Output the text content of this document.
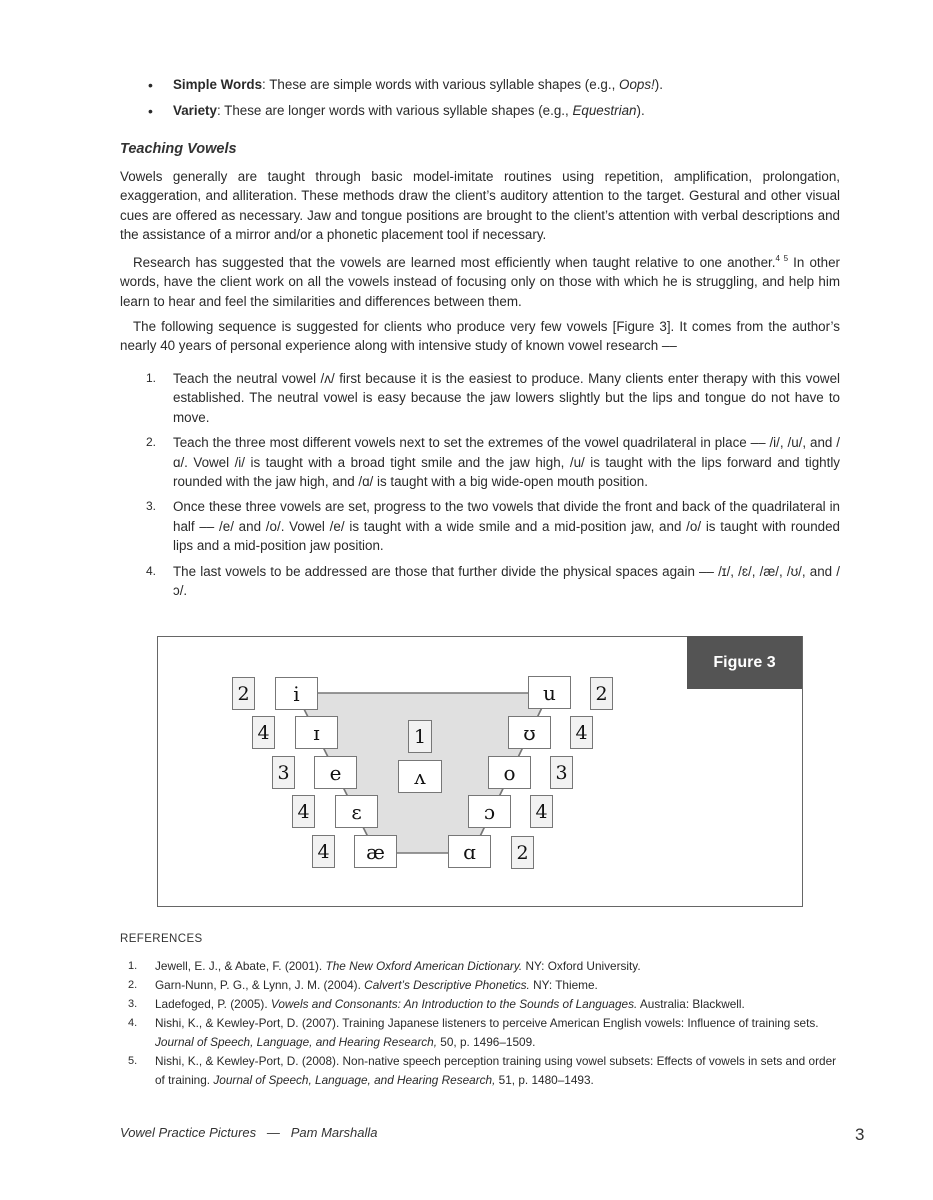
• Simple Words: These are simple words with various syllable shapes (e.g., Oops!).
• Variety: These are longer words with various syllable shapes (e.g., Equestrian).
Teaching Vowels
Vowels generally are taught through basic model-imitate routines using repetition, amplification, prolongation, exaggeration, and alliteration. These methods draw the client’s auditory attention to the target. Gestural and other visual cues are offered as necessary. Jaw and tongue positions are brought to the client’s attention with verbal descriptions and the assistance of a mirror and/or a phonetic placement tool if necessary.
Research has suggested that the vowels are learned most efficiently when taught relative to one another.$^{4 5}$ In other words, have the client work on all the vowels instead of focusing only on those with which he is struggling, and help him learn to hear and feel the similarities and differences between them.
The following sequence is suggested for clients who produce very few vowels [Figure 3]. It comes from the author’s nearly 40 years of personal experience along with intensive study of known vowel research ––
1. Teach the neutral vowel /ʌ/ first because it is the easiest to produce. Many clients enter therapy with this vowel established. The neutral vowel is easy because the jaw lowers slightly but the lips and tongue do not have to move.
2. Teach the three most different vowels next to set the extremes of the vowel quadrilateral in place –– /i/, /u/, and /ɑ/. Vowel /i/ is taught with a broad tight smile and the jaw high, /u/ is taught with the lips forward and tightly rounded with the jaw high, and /ɑ/ is taught with a big wide-open mouth position.
3. Once these three vowels are set, progress to the two vowels that divide the front and back of the quadrilateral in half –– /e/ and /o/. Vowel /e/ is taught with a wide smile and a mid-position jaw, and /o/ is taught with rounded lips and a mid-position jaw position.
4. The last vowels to be addressed are those that further divide the physical spaces again –– /ɪ/, /ɛ/, /æ/, /ʊ/, and /ɔ/.
Figure 3
i
2
ɪ
4
e
3
ɛ
4
æ
4
u	2
ʊ	4
o	3
ɔ	4
ɑ	2
1
ʌ
REFERENCES
1. Jewell, E. J., & Abate, F. (2001). The New Oxford American Dictionary. NY: Oxford University.
2. Garn-Nunn, P. G., & Lynn, J. M. (2004). Calvert’s Descriptive Phonetics. NY: Thieme.
3. Ladefoged, P. (2005). Vowels and Consonants: An Introduction to the Sounds of Languages. Australia: Blackwell.
4. Nishi, K., & Kewley-Port, D. (2007). Training Japanese listeners to perceive American English vowels: Influence of training sets. Journal of Speech, Language, and Hearing Research, 50, p. 1496–1509.
5. Nishi, K., & Kewley-Port, D. (2008). Non-native speech perception training using vowel subsets: Effects of vowels in sets and order of training. Journal of Speech, Language, and Hearing Research, 51, p. 1480–1493.
Vowel Practice Pictures — Pam Marshalla	3
